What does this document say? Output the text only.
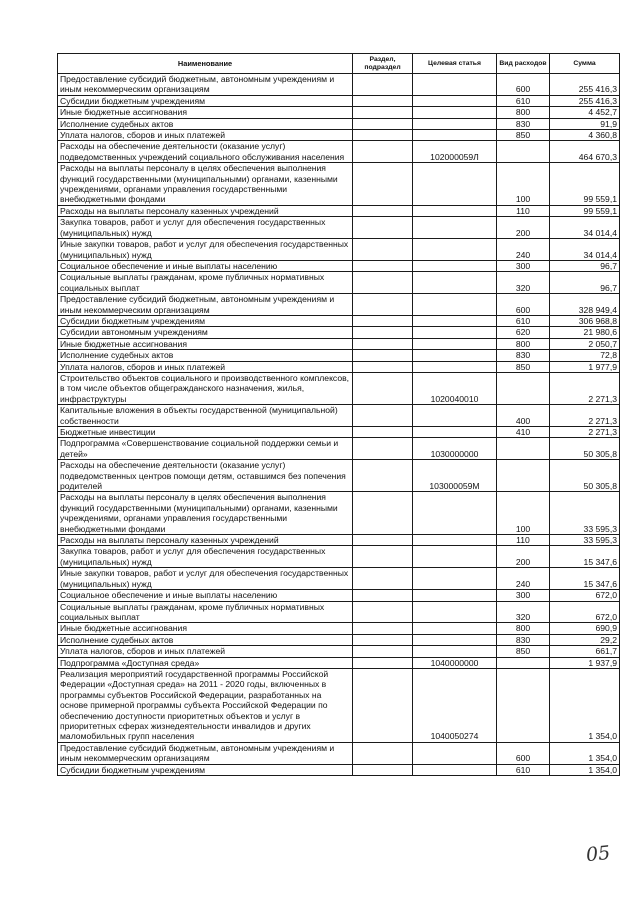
Наименование	Раздел, подраздел	Целевая статья	Вид расходов	Сумма
Предоставление субсидий бюджетным, автономным учреждениям и иным некоммерческим организациям			600	255 416,3
Субсидии бюджетным учреждениям			610	255 416,3
Иные бюджетные ассигнования			800	4 452,7
Исполнение судебных актов			830	91,9
Уплата налогов, сборов и иных платежей			850	4 360,8
Расходы на обеспечение деятельности (оказание услуг) подведомственных учреждений социального обслуживания населения		102000059Л		464 670,3
Расходы на выплаты персоналу в целях обеспечения выполнения функций государственными (муниципальными) органами, казенными учреждениями, органами управления государственными внебюджетными фондами			100	99 559,1
Расходы на выплаты персоналу казенных учреждений			110	99 559,1
Закупка товаров, работ и услуг для обеспечения государственных (муниципальных) нужд			200	34 014,4
Иные закупки товаров, работ и услуг для обеспечения государственных (муниципальных) нужд			240	34 014,4
Социальное обеспечение и иные выплаты населению			300	96,7
Социальные выплаты гражданам, кроме публичных нормативных социальных выплат			320	96,7
Предоставление субсидий бюджетным, автономным учреждениям и иным некоммерческим организациям			600	328 949,4
Субсидии бюджетным учреждениям			610	306 968,8
Субсидии автономным учреждениям			620	21 980,6
Иные бюджетные ассигнования			800	2 050,7
Исполнение судебных актов			830	72,8
Уплата налогов, сборов и иных платежей			850	1 977,9
Строительство объектов социального и производственного комплексов, в том числе объектов общегражданского назначения, жилья, инфраструктуры		1020040010		2 271,3
Капитальные вложения в объекты государственной (муниципальной) собственности			400	2 271,3
Бюджетные инвестиции			410	2 271,3
Подпрограмма «Совершенствование социальной поддержки семьи и детей»		1030000000		50 305,8
Расходы на обеспечение деятельности (оказание услуг) подведомственных центров помощи детям, оставшимся без попечения родителей		103000059М		50 305,8
Расходы на выплаты персоналу в целях обеспечения выполнения функций государственными (муниципальными) органами, казенными учреждениями, органами управления государственными внебюджетными фондами			100	33 595,3
Расходы на выплаты персоналу казенных учреждений			110	33 595,3
Закупка товаров, работ и услуг для обеспечения государственных (муниципальных) нужд			200	15 347,6
Иные закупки товаров, работ и услуг для обеспечения государственных (муниципальных) нужд			240	15 347,6
Социальное обеспечение и иные выплаты населению			300	672,0
Социальные выплаты гражданам, кроме публичных нормативных социальных выплат			320	672,0
Иные бюджетные ассигнования			800	690,9
Исполнение судебных актов			830	29,2
Уплата налогов, сборов и иных платежей			850	661,7
Подпрограмма «Доступная среда»		1040000000		1 937,9
Реализация мероприятий государственной программы Российской Федерации «Доступная среда» на 2011 - 2020 годы, включенных в программы субъектов Российской Федерации, разработанных на основе примерной программы субъекта Российской Федерации по обеспечению доступности приоритетных объектов и услуг в приоритетных сферах жизнедеятельности инвалидов и других маломобильных групп населения		1040050274		1 354,0
Предоставление субсидий бюджетным, автономным учреждениям и иным некоммерческим организациям			600	1 354,0
Субсидии бюджетным учреждениям			610	1 354,0
05
